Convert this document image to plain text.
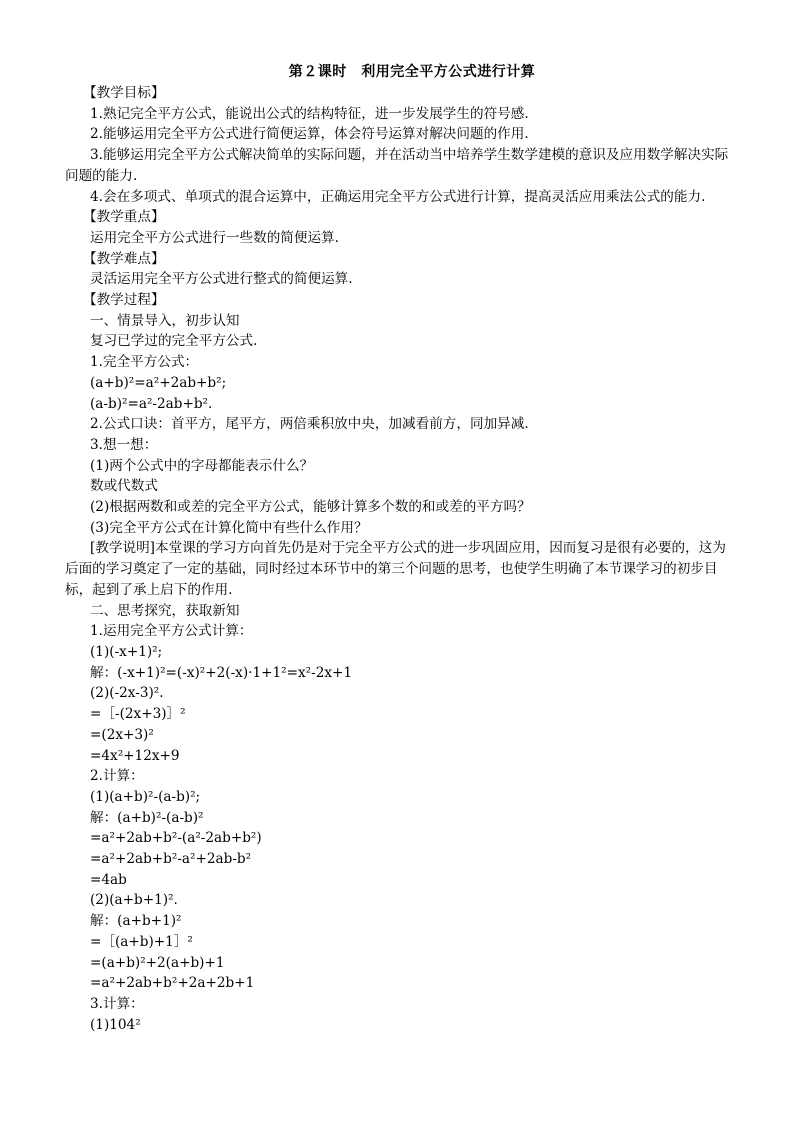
第２课时　利用完全平方公式进行计算

【教学目标】

1.熟记完全平方公式，能说出公式的结构特征，进一步发展学生的符号感.

2.能够运用完全平方公式进行简便运算，体会符号运算对解决问题的作用.

3.能够运用完全平方公式解决简单的实际问题，并在活动当中培养学生数学建模的意识及应用数学解决实际问题的能力.

4.会在多项式、单项式的混合运算中，正确运用完全平方公式进行计算，提高灵活应用乘法公式的能力.

【教学重点】

运用完全平方公式进行一些数的简便运算.

【教学难点】

灵活运用完全平方公式进行整式的简便运算.

【教学过程】

一、情景导入，初步认知

复习已学过的完全平方公式.

1.完全平方公式：

(a+b)²=a²+2ab+b²;

(a-b)²=a²-2ab+b².

2.公式口诀：首平方，尾平方，两倍乘积放中央，加减看前方，同加异减.

3.想一想：

(1)两个公式中的字母都能表示什么？

数或代数式

(2)根据两数和或差的完全平方公式，能够计算多个数的和或差的平方吗？

(3)完全平方公式在计算化简中有些什么作用？

[教学说明]本堂课的学习方向首先仍是对于完全平方公式的进一步巩固应用，因而复习是很有必要的，这为后面的学习奠定了一定的基础，同时经过本环节中的第三个问题的思考，也使学生明确了本节课学习的初步目标，起到了承上启下的作用.

二、思考探究，获取新知

1.运用完全平方公式计算：

(1)(-x+1)²;

解：(-x+1)²=(-x)²+2(-x)·1+1²=x²-2x+1

(2)(-2x-3)².

=［-(2x+3)］²

=(2x+3)²

=4x²+12x+9

2.计算：

(1)(a+b)²-(a-b)²;

解：(a+b)²-(a-b)²

=a²+2ab+b²-(a²-2ab+b²)

=a²+2ab+b²-a²+2ab-b²

=4ab

(2)(a+b+1)².

解：(a+b+1)²

=［(a+b)+1］²

=(a+b)²+2(a+b)+1

=a²+2ab+b²+2a+2b+1

3.计算：

(1)104²
